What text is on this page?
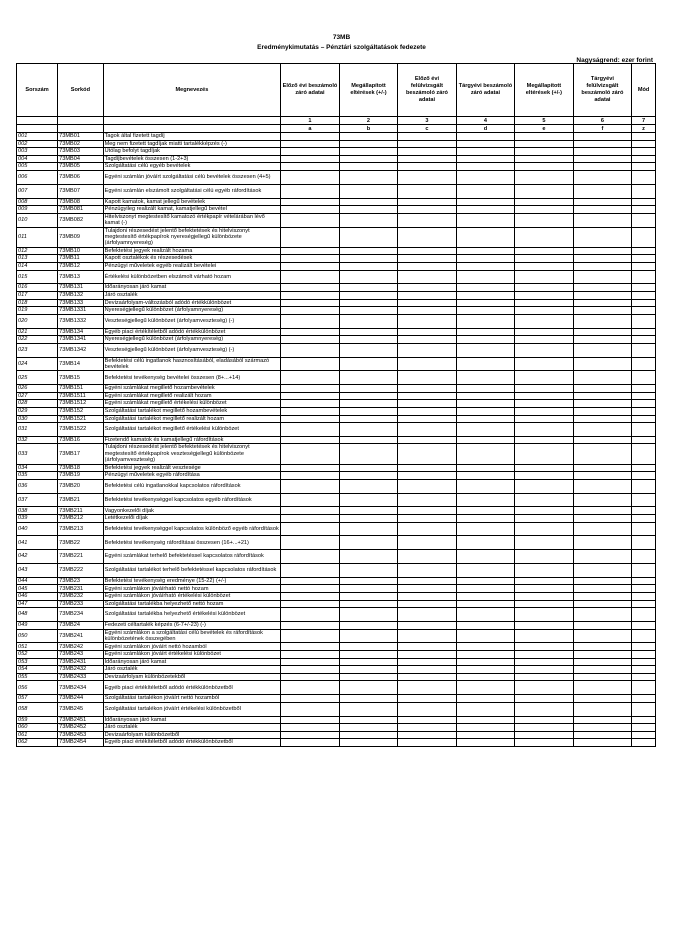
73MB
Eredménykimutatás – Pénztári szolgáltatások fedezete
Nagyságrend: ezer forint
Sorszám	Sorkód	Megnevezés	Előző évi beszámoló záró adatai	Megállapított eltérések (+/-)	Előző évi felülvizsgált beszámoló záró adatai	Tárgyévi beszámoló záró adatai	Megállapított eltérések (+/-)	Tárgyévi felülvizsgált beszámoló záró adatai	Mód
			1	2	3	4	5	6	7
			a	b	c	d	e	f	z
001	73MB01	Tagok által fizetett tagdíj							
002	73MB02	Meg nem fizetett tagdíjak miatti tartalékképzés (-)							
003	73MB03	Utólag befolyt tagdíjak							
004	73MB04	Tagdíjbevételek összesen (1-2+3)							
005	73MB05	Szolgáltatási célú egyéb bevételek							
006	73MB06	Egyéni számlán jóváírt szolgáltatási célú bevételek összesen (4+5)							
007	73MB07	Egyéni számlán elszámolt szolgáltatási célú egyéb ráfordítások							
008	73MB08	Kapott kamatok, kamat jellegű bevételek							
009	73MB081	Pénzügyileg realizált kamat, kamatjellegű bevétel							
010	73MB082	Hitelviszonyt megtestesítő kamatozó értékpapír vételárában lévő kamat (-)							
011	73MB09	Tulajdoni részesedést jelentő befektetések és hitelviszonyt megtestesítő értékpapírok nyereségjellegű különbözete (árfolyamnyereség)							
012	73MB10	Befektetési jegyek realizált hozama							
013	73MB11	Kapott osztalékok és részesedések							
014	73MB12	Pénzügyi műveletek egyéb realizált bevételei							
015	73MB13	Értékelési különbözetben elszámolt várható hozam							
016	73MB131	Időarányosan járó kamat							
017	73MB132	Járó osztalék							
018	73MB133	Devizaárfolyam-változásból adódó értékkülönbözet							
019	73MB1331	Nyereségjellegű különbözet (árfolyamnyereség)							
020	73MB1332	Veszteségjellegű különbözet (árfolyamveszteség) (-)							
021	73MB134	Egyéb piaci értékítéletből adódó értékkülönbözet							
022	73MB1341	Nyereségjellegű különbözet (árfolyamnyereség)							
023	73MB1342	Veszteségjellegű különbözet (árfolyamveszteség) (-)							
024	73MB14	Befektetési célú ingatlanok hasznosításából, eladásából származó bevételek							
025	73MB15	Befektetési tevékenység bevételei összesen (8+...+14)							
026	73MB151	Egyéni számlákat megillető hozambevételek							
027	73MB1511	Egyéni számlákat megillető realizált hozam							
028	73MB1512	Egyéni számlákat megillető értékelési különbözet							
029	73MB152	Szolgáltatási tartalékot megillető hozambevételek							
030	73MB1521	Szolgáltatási tartalékot megillető realizált hozam							
031	73MB1522	Szolgáltatási tartalékot megillető értékelési különbözet							
032	73MB16	Fizetendő kamatok és kamatjellegű ráfordítások							
033	73MB17	Tulajdoni részesedést jelentő befektetések és hitelviszonyt megtestesítő értékpapírok veszteségjellegű különbözete (árfolyamveszteség)							
034	73MB18	Befektetési jegyek realizált vesztesége							
035	73MB19	Pénzügyi műveletek egyéb ráfordítása							
036	73MB20	Befektetési célú ingatlanokkal kapcsolatos ráfordítások							
037	73MB21	Befektetési tevékenységgel kapcsolatos egyéb ráfordítások							
038	73MB211	Vagyonkezelői díjak							
039	73MB212	Letétkezelői díjak							
040	73MB213	Befektetési tevékenységgel kapcsolatos különböző egyéb ráfordítások							
041	73MB22	Befektetési tevékenység ráfordításai összesen (16+...+21)							
042	73MB221	Egyéni számlákat terhelő befektetéssel kapcsolatos ráfordítások							
043	73MB222	Szolgáltatási tartalékot terhelő befektetéssel kapcsolatos ráfordítások							
044	73MB23	Befektetési tevékenység eredménye (15-22) (+/-)							
045	73MB231	Egyéni számlákon jóváírható nettó hozam							
046	73MB232	Egyéni számlákon jóváírható értékelési különbözet							
047	73MB233	Szolgáltatási tartalékba helyezhető nettó hozam							
048	73MB234	Szolgáltatási tartalékba helyezhető értékelési különbözet							
049	73MB24	Fedezeti céltartalék képzés (6-7+/-23) (-)							
050	73MB241	Egyéni számlákon a szolgáltatási célú bevételek és ráfordítások különbözetének összegében							
051	73MB242	Egyéni számlákon jóváírt nettó hozamból							
052	73MB243	Egyéni számlákon jóváírt értékelési különbözet							
053	73MB2431	Időarányosan járó kamat							
054	73MB2432	Járó osztalék							
055	73MB2433	Devizaárfolyam különbözetekből							
056	73MB2434	Egyéb piaci értékítéletből adódó értékkülönbözetből							
057	73MB244	Szolgáltatási tartalékon jóváírt nettó hozamból							
058	73MB245	Szolgáltatási tartalékon jóváírt értékelési különbözetből							
059	73MB2451	Időarányosan járó kamat							
060	73MB2452	Járó osztalék							
061	73MB2453	Devizaárfolyam különbözetből							
062	73MB2454	Egyéb piaci értékítéletből adódó értékkülönbözetből							
